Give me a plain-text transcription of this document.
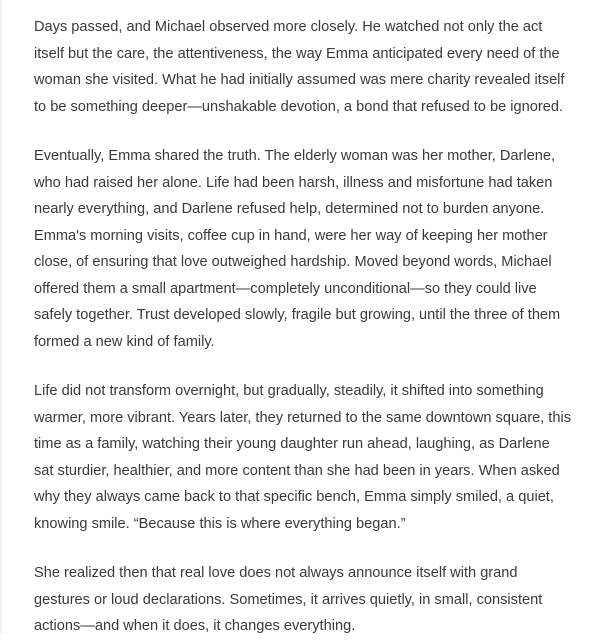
Days passed, and Michael observed more closely. He watched not only the act itself but the care, the attentiveness, the way Emma anticipated every need of the woman she visited. What he had initially assumed was mere charity revealed itself to be something deeper—unshakable devotion, a bond that refused to be ignored.

Eventually, Emma shared the truth. The elderly woman was her mother, Darlene, who had raised her alone. Life had been harsh, illness and misfortune had taken nearly everything, and Darlene refused help, determined not to burden anyone. Emma's morning visits, coffee cup in hand, were her way of keeping her mother close, of ensuring that love outweighed hardship. Moved beyond words, Michael offered them a small apartment—completely unconditional—so they could live safely together. Trust developed slowly, fragile but growing, until the three of them formed a new kind of family.

Life did not transform overnight, but gradually, steadily, it shifted into something warmer, more vibrant. Years later, they returned to the same downtown square, this time as a family, watching their young daughter run ahead, laughing, as Darlene sat sturdier, healthier, and more content than she had been in years. When asked why they always came back to that specific bench, Emma simply smiled, a quiet, knowing smile. “Because this is where everything began.”

She realized then that real love does not always announce itself with grand gestures or loud declarations. Sometimes, it arrives quietly, in small, consistent actions—and when it does, it changes everything.
